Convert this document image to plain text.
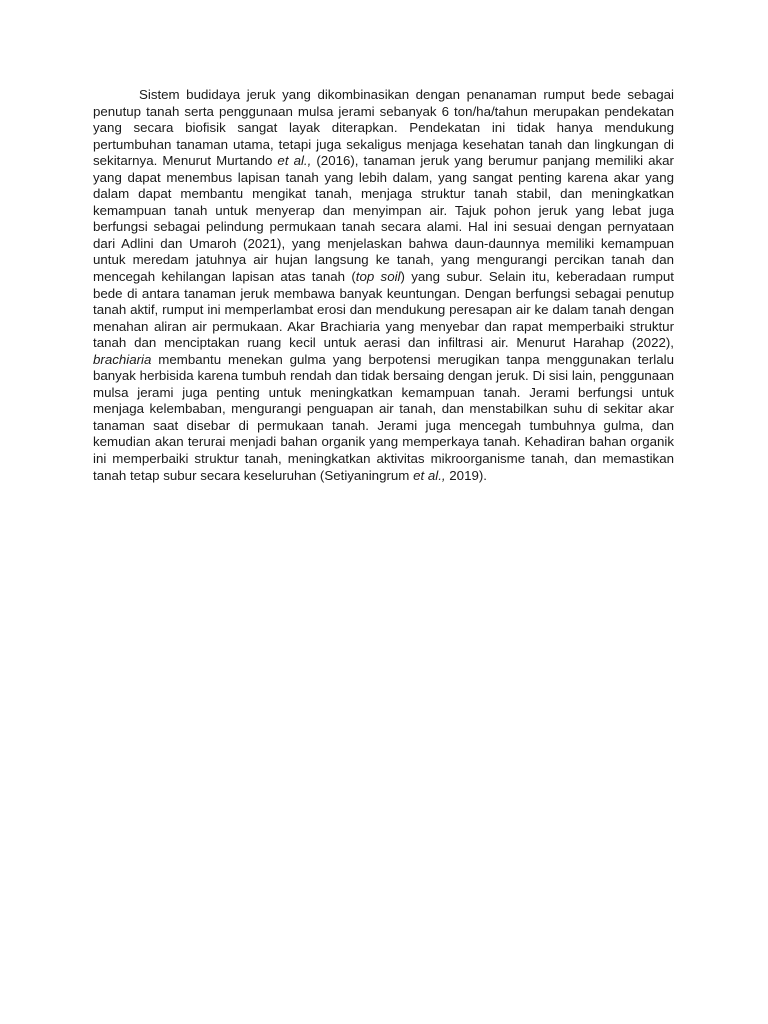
Sistem budidaya jeruk yang dikombinasikan dengan penanaman rumput bede sebagai penutup tanah serta penggunaan mulsa jerami sebanyak 6 ton/ha/tahun merupakan pendekatan yang secara biofisik sangat layak diterapkan. Pendekatan ini tidak hanya mendukung pertumbuhan tanaman utama, tetapi juga sekaligus menjaga kesehatan tanah dan lingkungan di sekitarnya. Menurut Murtando et al., (2016), tanaman jeruk yang berumur panjang memiliki akar yang dapat menembus lapisan tanah yang lebih dalam, yang sangat penting karena akar yang dalam dapat membantu mengikat tanah, menjaga struktur tanah stabil, dan meningkatkan kemampuan tanah untuk menyerap dan menyimpan air. Tajuk pohon jeruk yang lebat juga berfungsi sebagai pelindung permukaan tanah secara alami. Hal ini sesuai dengan pernyataan dari Adlini dan Umaroh (2021), yang menjelaskan bahwa daun-daunnya memiliki kemampuan untuk meredam jatuhnya air hujan langsung ke tanah, yang mengurangi percikan tanah dan mencegah kehilangan lapisan atas tanah (top soil) yang subur. Selain itu, keberadaan rumput bede di antara tanaman jeruk membawa banyak keuntungan. Dengan berfungsi sebagai penutup tanah aktif, rumput ini memperlambat erosi dan mendukung peresapan air ke dalam tanah dengan menahan aliran air permukaan. Akar Brachiaria yang menyebar dan rapat memperbaiki struktur tanah dan menciptakan ruang kecil untuk aerasi dan infiltrasi air. Menurut Harahap (2022), brachiaria membantu menekan gulma yang berpotensi merugikan tanpa menggunakan terlalu banyak herbisida karena tumbuh rendah dan tidak bersaing dengan jeruk. Di sisi lain, penggunaan mulsa jerami juga penting untuk meningkatkan kemampuan tanah. Jerami berfungsi untuk menjaga kelembaban, mengurangi penguapan air tanah, dan menstabilkan suhu di sekitar akar tanaman saat disebar di permukaan tanah. Jerami juga mencegah tumbuhnya gulma, dan kemudian akan terurai menjadi bahan organik yang memperkaya tanah. Kehadiran bahan organik ini memperbaiki struktur tanah, meningkatkan aktivitas mikroorganisme tanah, dan memastikan tanah tetap subur secara keseluruhan (Setiyaningrum et al., 2019).
